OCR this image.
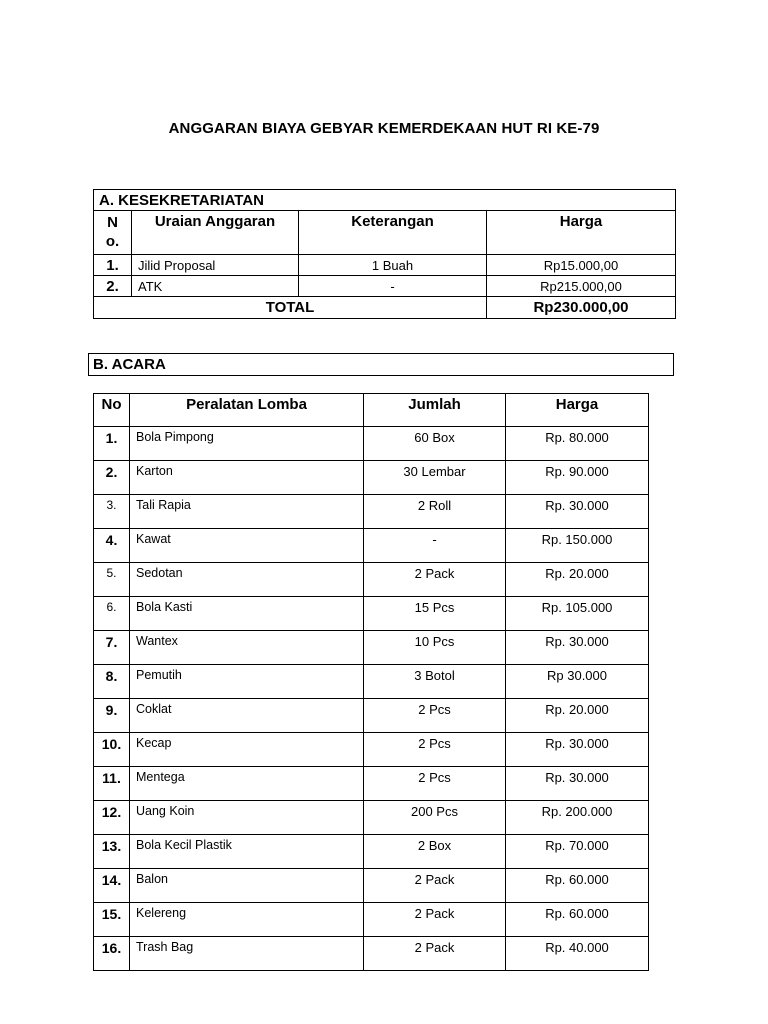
ANGGARAN BIAYA GEBYAR KEMERDEKAAN HUT RI KE-79
A. KESEKRETARIATAN			
No.	Uraian Anggaran	Keterangan	Harga
1.	Jilid Proposal	1 Buah	Rp15.000,00
2.	ATK	-	Rp215.000,00
TOTAL			Rp230.000,00
B. ACARA
No	Peralatan Lomba	Jumlah	Harga
1.	Bola Pimpong	60 Box	Rp. 80.000
2.	Karton	30 Lembar	Rp. 90.000
3.	Tali Rapia	2 Roll	Rp. 30.000
4.	Kawat	-	Rp. 150.000
5.	Sedotan	2 Pack	Rp. 20.000
6.	Bola Kasti	15 Pcs	Rp. 105.000
7.	Wantex	10 Pcs	Rp. 30.000
8.	Pemutih	3 Botol	Rp 30.000
9.	Coklat	2 Pcs	Rp. 20.000
10.	Kecap	2 Pcs	Rp. 30.000
11.	Mentega	2 Pcs	Rp. 30.000
12.	Uang Koin	200 Pcs	Rp. 200.000
13.	Bola Kecil Plastik	2 Box	Rp. 70.000
14.	Balon	2 Pack	Rp. 60.000
15.	Kelereng	2 Pack	Rp. 60.000
16.	Trash Bag	2 Pack	Rp. 40.000
